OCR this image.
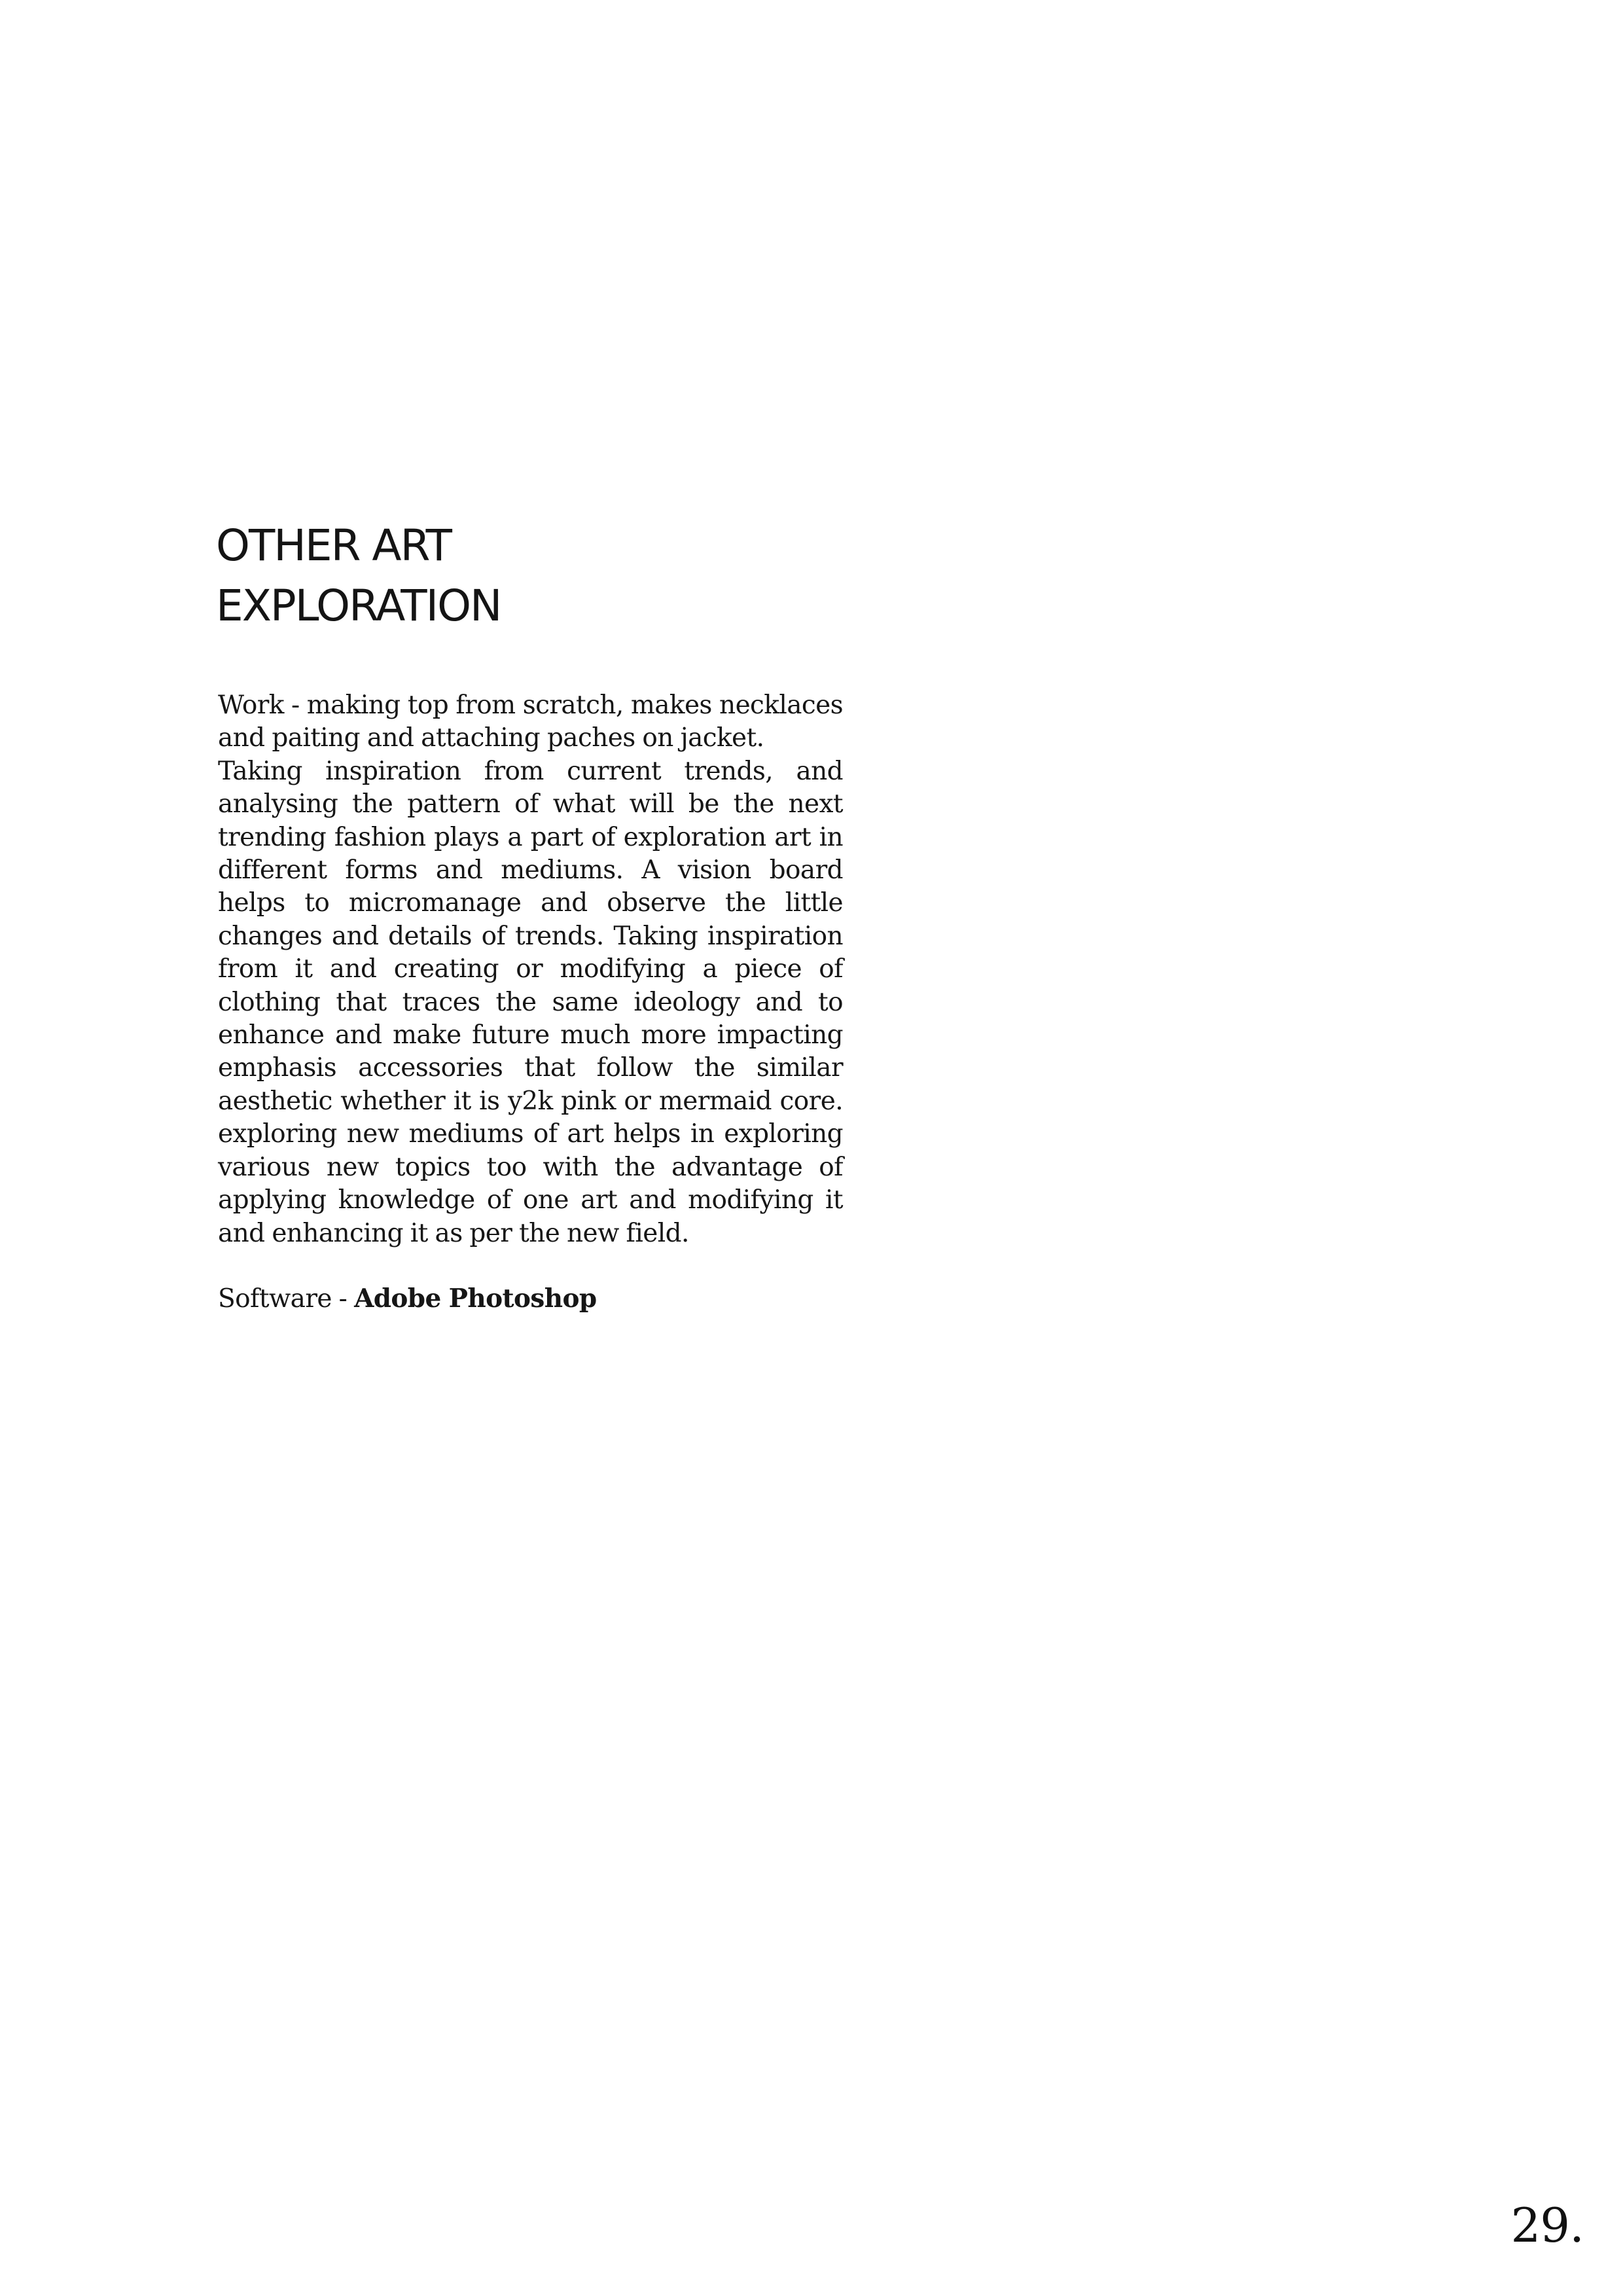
OTHER ART
EXPLORATION

Work - making top from scratch, makes necklaces and paiting and attaching paches on jacket.

Taking inspiration from current trends, and analysing the pattern of what will be the next trending fashion plays a part of exploration art in different forms and mediums. A vision board helps to micromanage and observe the little changes and details of trends. Taking inspiration from it and creating or modifying a piece of clothing that traces the same ideology and to enhance and make future much more impacting emphasis accessories that follow the similar aesthetic whether it is y2k pink or mermaid core. exploring new mediums of art helps in exploring various new topics too with the advantage of applying knowledge of one art and modifying it and enhancing it as per the new field.

Software - Adobe Photoshop

29.
